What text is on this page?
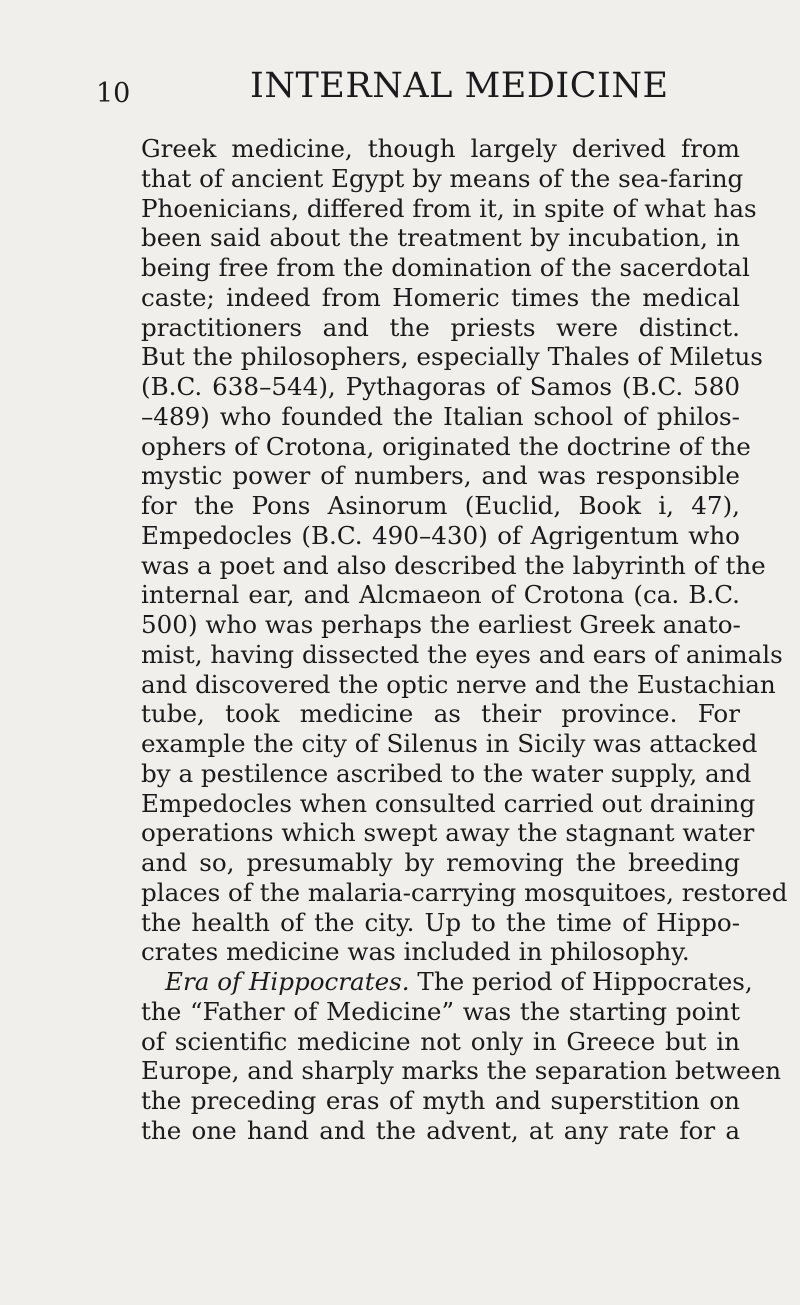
10	INTERNAL MEDICINE
Greek medicine, though largely derived from
that of ancient Egypt by means of the sea-faring
Phoenicians, differed from it, in spite of what has
been said about the treatment by incubation, in
being free from the domination of the sacerdotal
caste; indeed from Homeric times the medical
practitioners and the priests were distinct.
But the philosophers, especially Thales of Miletus
(B.C. 638–544), Pythagoras of Samos (B.C. 580
–489) who founded the Italian school of philos-
ophers of Crotona, originated the doctrine of the
mystic power of numbers, and was responsible
for the Pons Asinorum (Euclid, Book i, 47),
Empedocles (B.C. 490–430) of Agrigentum who
was a poet and also described the labyrinth of the
internal ear, and Alcmaeon of Crotona (ca. B.C.
500) who was perhaps the earliest Greek anato-
mist, having dissected the eyes and ears of animals
and discovered the optic nerve and the Eustachian
tube, took medicine as their province. For
example the city of Silenus in Sicily was attacked
by a pestilence ascribed to the water supply, and
Empedocles when consulted carried out draining
operations which swept away the stagnant water
and so, presumably by removing the breeding
places of the malaria-carrying mosquitoes, restored
the health of the city. Up to the time of Hippo-
crates medicine was included in philosophy.
Era of Hippocrates. The period of Hippocrates,
the “Father of Medicine” was the starting point
of scientific medicine not only in Greece but in
Europe, and sharply marks the separation between
the preceding eras of myth and superstition on
the one hand and the advent, at any rate for a
